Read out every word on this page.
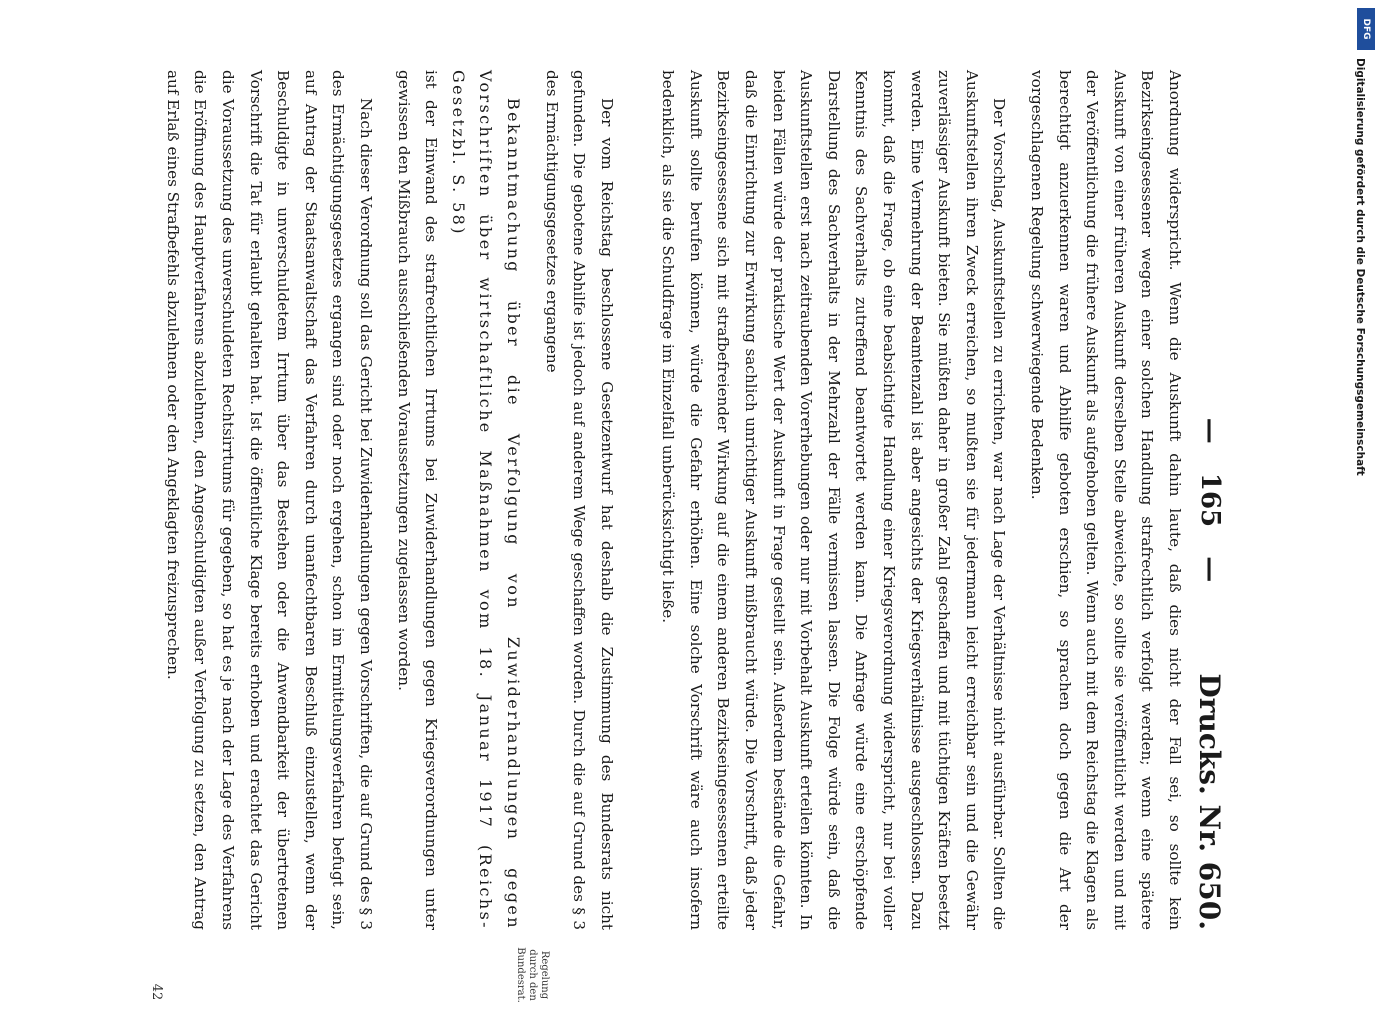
— 165 —
Drucks. Nr. 650.

Anordnung widerspricht. Wenn die Auskunft dahin laute, daß dies nicht der Fall sei, so sollte kein Bezirkseingesessener wegen einer solchen Handlung strafrechtlich verfolgt werden; wenn eine spätere Auskunft von einer früheren Auskunft derselben Stelle abweiche, so sollte sie veröffentlicht werden und mit der Veröffentlichung die frühere Auskunft als aufgehoben gelten. Wenn auch mit dem Reichstag die Klagen als berechtigt anzuerkennen waren und Abhilfe geboten erschien, so sprachen doch gegen die Art der vorgeschlagenen Regelung schwerwiegende Bedenken.

Der Vorschlag, Auskunftstellen zu errichten, war nach Lage der Verhältnisse nicht ausführbar. Sollten die Auskunftstellen ihren Zweck erreichen, so mußten sie für jedermann leicht erreichbar sein und die Gewähr zuverlässiger Auskunft bieten. Sie müßten daher in großer Zahl geschaffen und mit tüchtigen Kräften besetzt werden. Eine Vermehrung der Beamtenzahl ist aber angesichts der Kriegsverhältnisse ausgeschlossen. Dazu kommt, daß die Frage, ob eine beabsichtigte Handlung einer Kriegsverordnung widerspricht, nur bei voller Kenntnis des Sachverhalts zutreffend beantwortet werden kann. Die Anfrage würde eine erschöpfende Darstellung des Sachverhalts in der Mehrzahl der Fälle vermissen lassen. Die Folge würde sein, daß die Auskunftstellen erst nach zeitraubenden Vorerhebungen oder nur mit Vorbehalt Auskunft erteilen könnten. In beiden Fällen würde der praktische Wert der Auskunft in Frage gestellt sein. Außerdem bestände die Gefahr, daß die Einrichtung zur Erwirkung sachlich unrichtiger Auskunft mißbraucht würde. Die Vorschrift, daß jeder Bezirkseingesessene sich mit strafbefreiender Wirkung auf die einem anderen Bezirkseingesessenen erteilte Auskunft sollte berufen können, würde die Gefahr erhöhen. Eine solche Vorschrift wäre auch insofern bedenklich, als sie die Schuldfrage im Einzelfall unberücksichtigt ließe.

Der vom Reichstag beschlossene Gesetzentwurf hat deshalb die Zustimmung des Bundesrats nicht gefunden. Die gebotene Abhilfe ist jedoch auf anderem Wege geschaffen worden. Durch die auf Grund des § 3 des Ermächtigungsgesetzes ergangene

Bekanntmachung über die Verfolgung von Zuwiderhandlungen gegen Vorschriften über wirtschaftliche Maßnahmen vom 18. Januar 1917 (Reichs-Gesetzbl. S. 58)

ist der Einwand des strafrechtlichen Irrtums bei Zuwiderhandlungen gegen Kriegsverordnungen unter gewissen den Mißbrauch ausschließenden Voraussetzungen zugelassen worden.

Nach dieser Verordnung soll das Gericht bei Zuwiderhandlungen gegen Vorschriften, die auf Grund des § 3 des Ermächtigungsgesetzes ergangen sind oder noch ergehen, schon im Ermittelungsverfahren befugt sein, auf Antrag der Staatsanwaltschaft das Verfahren durch unanfechtbaren Beschluß einzustellen, wenn der Beschuldigte in unverschuldetem Irrtum über das Bestehen oder die Anwendbarkeit der übertretenen Vorschrift die Tat für erlaubt gehalten hat. Ist die öffentliche Klage bereits erhoben und erachtet das Gericht die Voraussetzung des unverschuldeten Rechtsirrtums für gegeben, so hat es je nach der Lage des Verfahrens die Eröffnung des Hauptverfahrens abzulehnen, den Angeschuldigten außer Verfolgung zu setzen, den Antrag auf Erlaß eines Strafbefehls abzulehnen oder den Angeklagten freizusprechen.

Regelung durch den Bundesrat.
42
DFG
Digitalisierung gefördert durch die Deutsche Forschungsgemeinschaft
